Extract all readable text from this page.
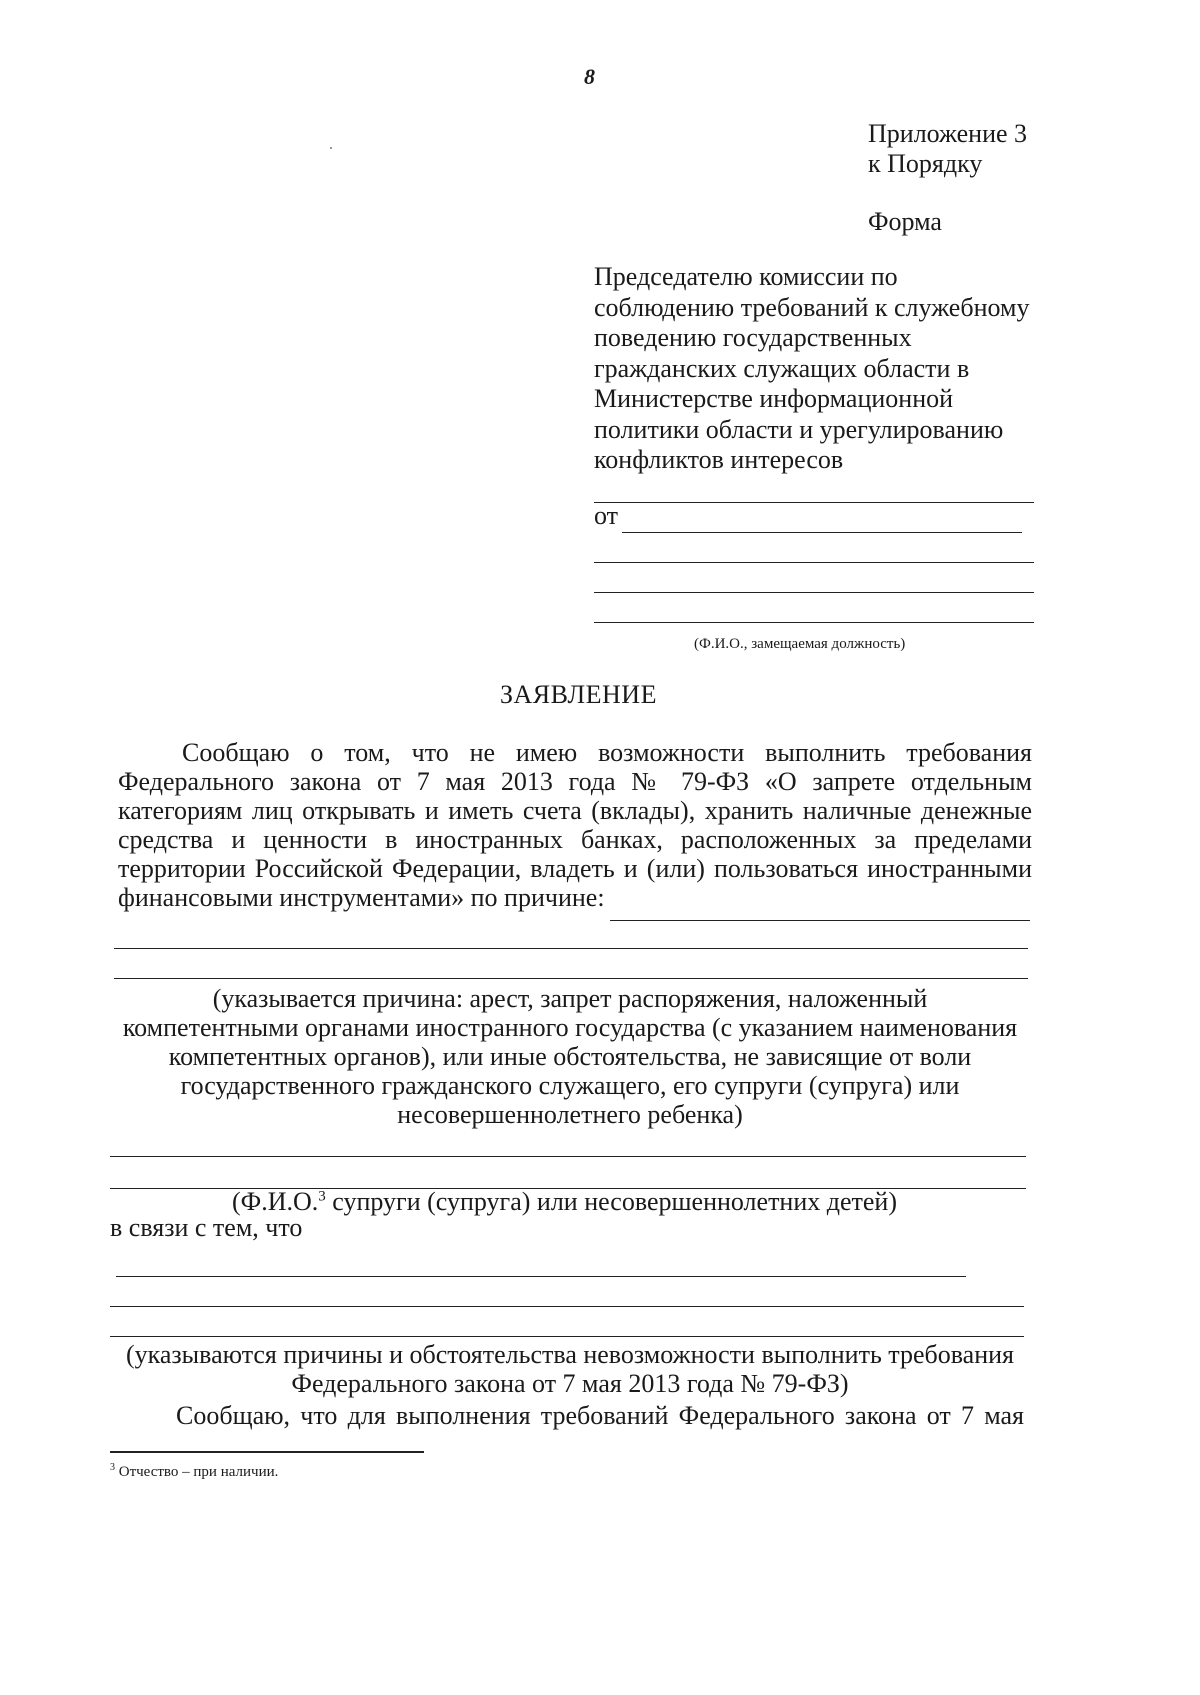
8
Приложение 3
к Порядку
Форма
Председателю комиссии по
соблюдению требований к служебному
поведению государственных
гражданских служащих области в
Министерстве информационной
политики области и урегулированию
конфликтов интересов
от
(Ф.И.О., замещаемая должность)
ЗАЯВЛЕНИЕ
Сообщаю о том, что не имею возможности выполнить требования
Федерального закона от 7 мая 2013 года № 79-ФЗ «О запрете отдельным
категориям лиц открывать и иметь счета (вклады), хранить наличные денежные
средства и ценности в иностранных банках, расположенных за пределами
территории Российской Федерации, владеть и (или) пользоваться иностранными
финансовыми инструментами» по причине:
(указывается причина: арест, запрет распоряжения, наложенный
компетентными органами иностранного государства (с указанием наименования
компетентных органов), или иные обстоятельства, не зависящие от воли
государственного гражданского служащего, его супруги (супруга) или
несовершеннолетнего ребенка)
(Ф.И.О.$^3$ супруги (супруга) или несовершеннолетних детей)
в связи с тем, что
(указываются причины и обстоятельства невозможности выполнить требования
Федерального закона от 7 мая 2013 года № 79-ФЗ)
Сообщаю, что для выполнения требований Федерального закона от 7 мая
$^3$ Отчество – при наличии.
